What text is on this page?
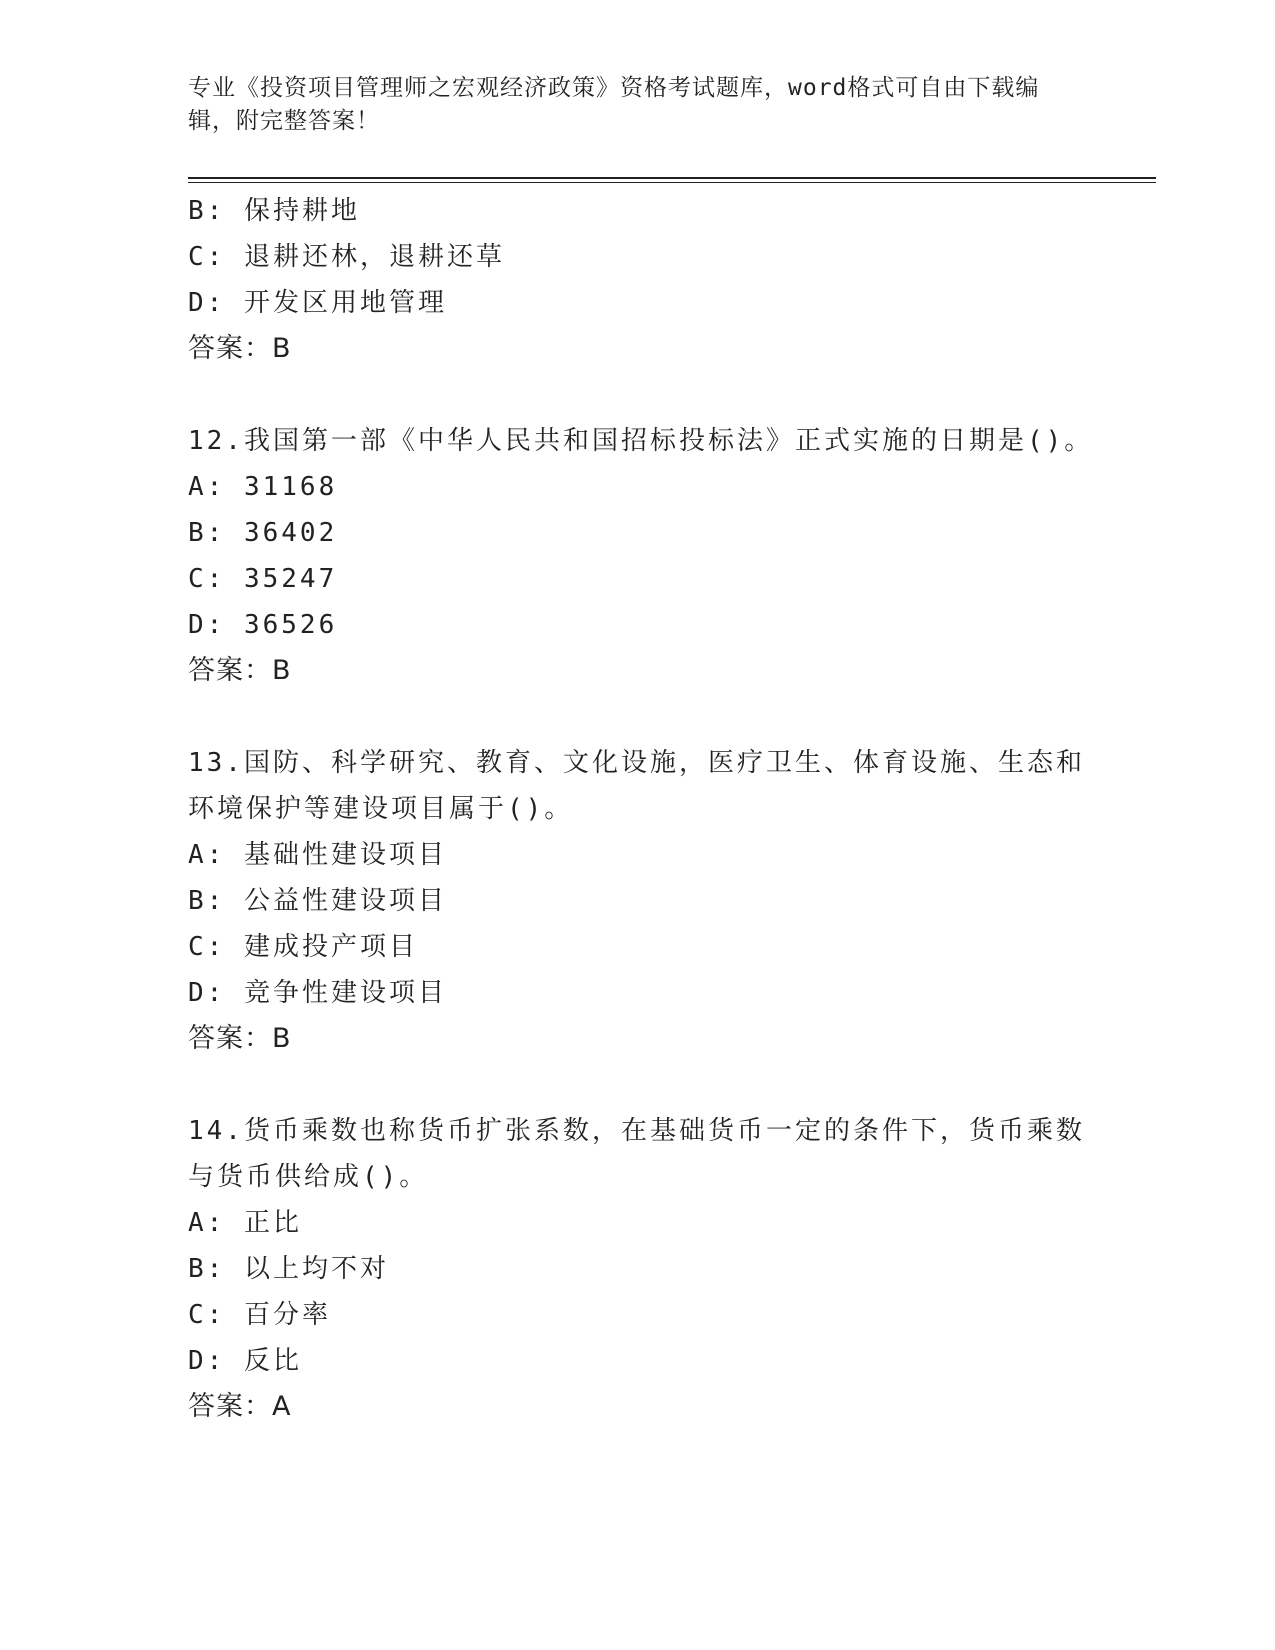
专业《投资项目管理师之宏观经济政策》资格考试题库，word格式可自由下载编
辑，附完整答案！
B: 保持耕地
C: 退耕还林，退耕还草
D: 开发区用地管理
答案：B
12.我国第一部《中华人民共和国招标投标法》正式实施的日期是()。
A: 31168
B: 36402
C: 35247
D: 36526
答案：B
13.国防、科学研究、教育、文化设施，医疗卫生、体育设施、生态和
环境保护等建设项目属于()。
A: 基础性建设项目
B: 公益性建设项目
C: 建成投产项目
D: 竞争性建设项目
答案：B
14.货币乘数也称货币扩张系数，在基础货币一定的条件下，货币乘数
与货币供给成()。
A: 正比
B: 以上均不对
C: 百分率
D: 反比
答案：A
